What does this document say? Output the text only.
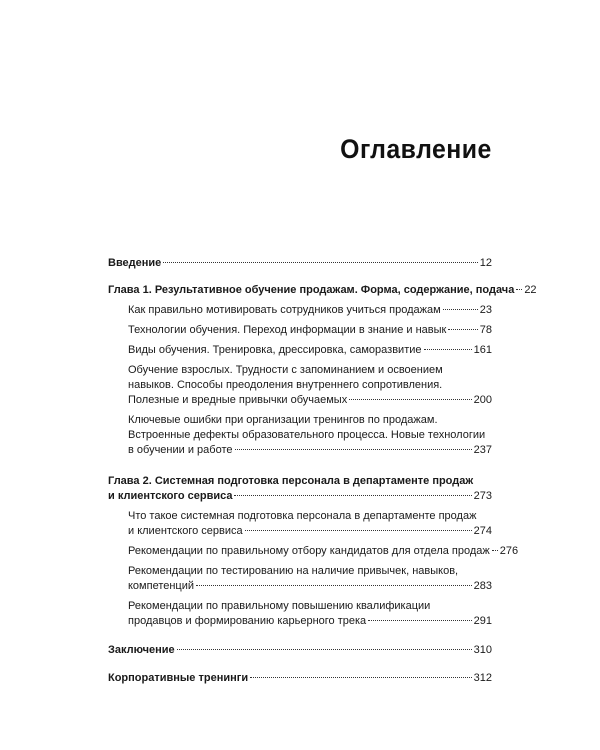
Оглавление
Введение	12
Глава 1. Результативное обучение продажам. Форма, содержание, подача 22
Как правильно мотивировать сотрудников учиться продажам	23
Технологии обучения. Переход информации в знание и навык	78
Виды обучения. Тренировка, дрессировка, саморазвитие	161
Обучение взрослых. Трудности с запоминанием и освоением
навыков. Способы преодоления внутреннего сопротивления.
Полезные и вредные привычки обучаемых	200
Ключевые ошибки при организации тренингов по продажам.
Встроенные дефекты образовательного процесса. Новые технологии
в обучении и работе	237
Глава 2. Системная подготовка персонала в департаменте продаж
и клиентского сервиса	273
Что такое системная подготовка персонала в департаменте продаж
и клиентского сервиса	274
Рекомендации по правильному отбору кандидатов для отдела продаж 276
Рекомендации по тестированию на наличие привычек, навыков,
компетенций	283
Рекомендации по правильному повышению квалификации
продавцов и формированию карьерного трека	291
Заключение	310
Корпоративные тренинги	312
